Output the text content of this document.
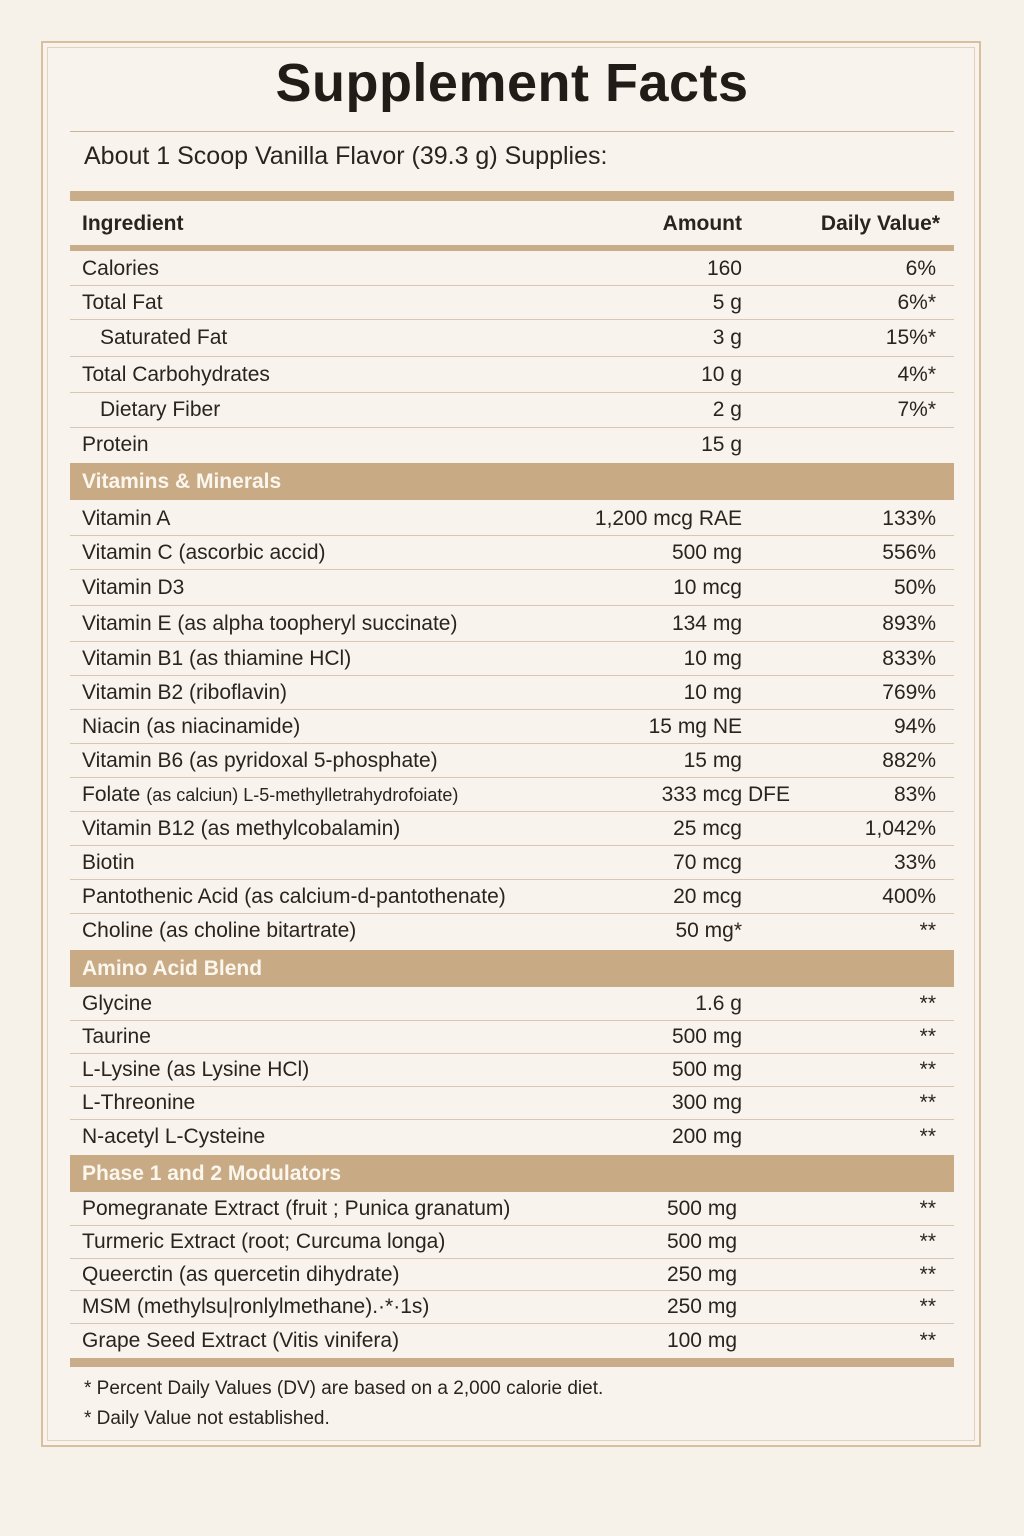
Supplement Facts
About 1 Scoop Vanilla Flavor (39.3 g) Supplies:
Ingredient	Amount	Daily Value*
Calories	160	6%
Total Fat	5 g	6%*
Saturated Fat	3 g	15%*
Total Carbohydrates	10 g	4%*
Dietary Fiber	2 g	7%*
Protein	15 g
Vitamins & Minerals
Vitamin A	1,200 mcg RAE	133%
Vitamin C (ascorbic accid)	500 mg	556%
Vitamin D3	10 mcg	50%
Vitamin E (as alpha toopheryl succinate)	134 mg	893%
Vitamin B1 (as thiamine HCl)	10 mg	833%
Vitamin B2 (riboflavin)	10 mg	769%
Niacin (as niacinamide)	15 mg NE	94%
Vitamin B6 (as pyridoxal 5-phosphate)	15 mg	882%
Folate (as calciun) L-5-methylletrahydrofoiate)	333 mcg DFE	83%
Vitamin B12 (as methylcobalamin)	25 mcg	1,042%
Biotin	70 mcg	33%
Pantothenic Acid (as calcium-d-pantothenate)	20 mcg	400%
Choline (as choline bitartrate)	50 mg*	**
Amino Acid Blend
Glycine	1.6 g	**
Taurine	500 mg	**
L-Lysine (as Lysine HCl)	500 mg	**
L-Threonine	300 mg	**
N-acetyl L-Cysteine	200 mg	**
Phase 1 and 2 Modulators
Pomegranate Extract (fruit ; Punica granatum)	500 mg	**
Turmeric Extract (root; Curcuma longa)	500 mg	**
Queerctin (as quercetin dihydrate)	250 mg	**
MSM (methylsu|ronlylmethane).·*·1s)	250 mg	**
Grape Seed Extract (Vitis vinifera)	100 mg	**
* Percent Daily Values (DV) are based on a 2,000 calorie diet.
* Daily Value not established.
